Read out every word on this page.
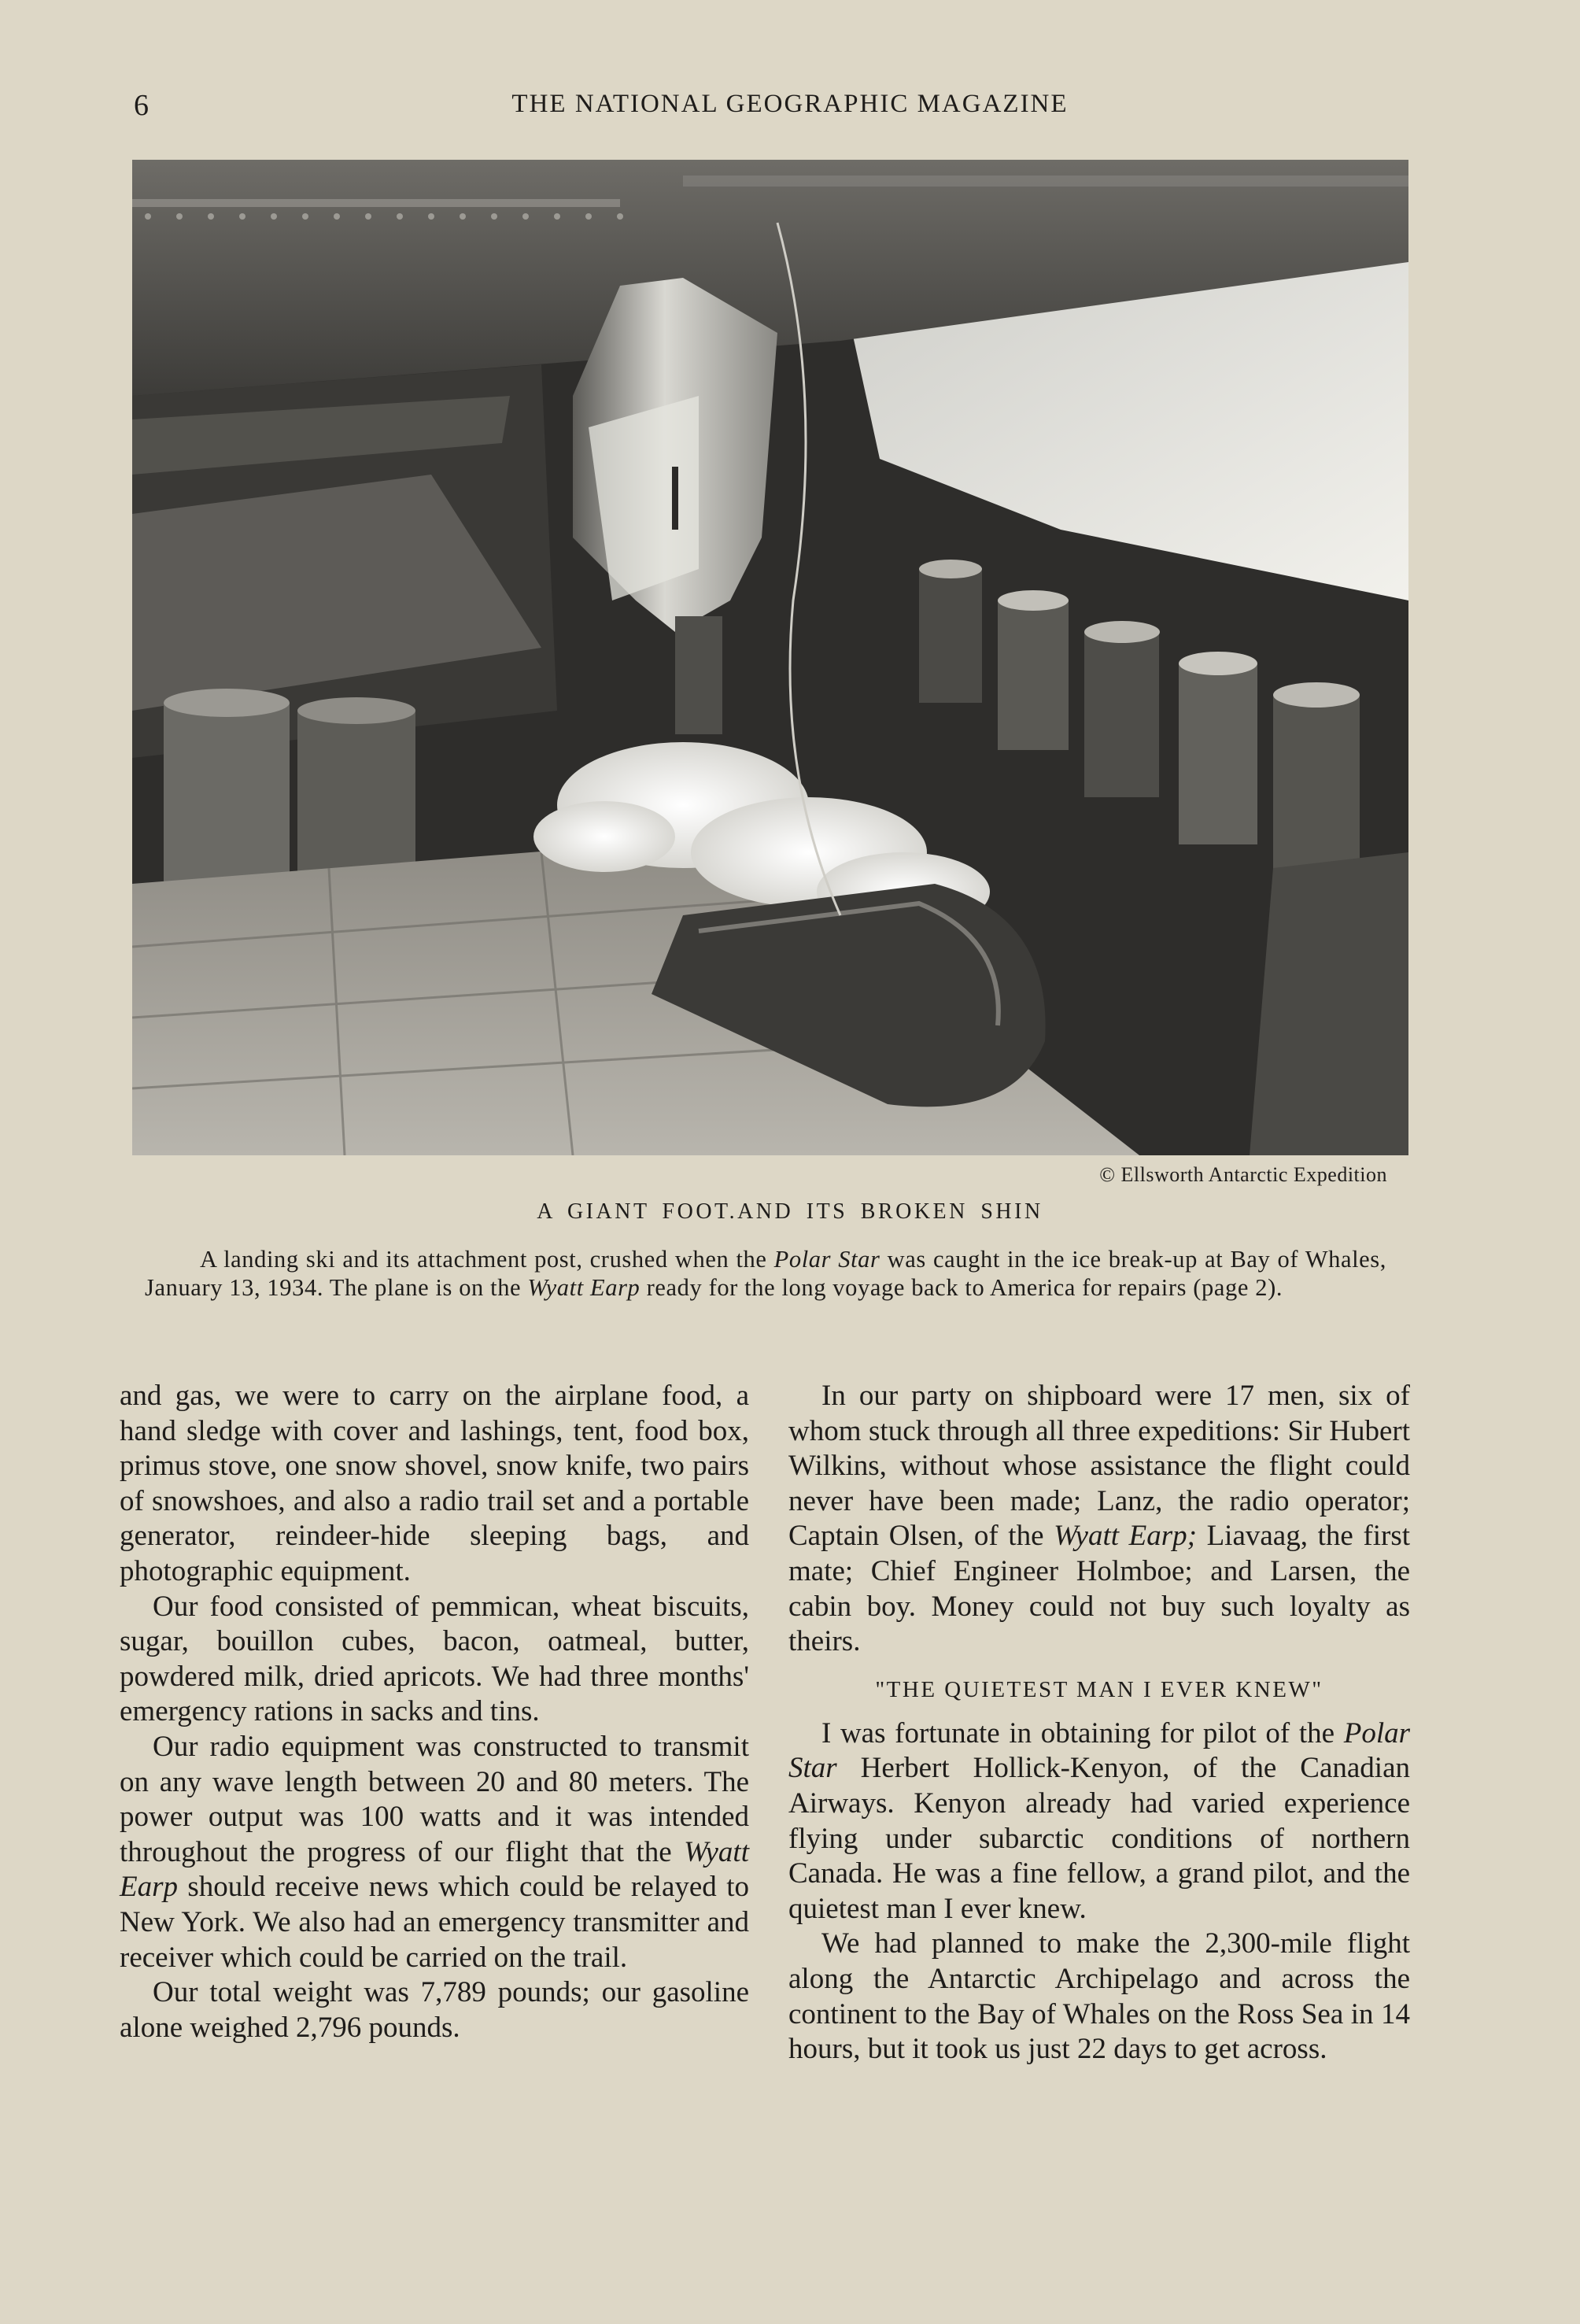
6	THE NATIONAL GEOGRAPHIC MAGAZINE
© Ellsworth Antarctic Expedition
A GIANT FOOT.AND ITS BROKEN SHIN
A landing ski and its attachment post, crushed when the Polar Star was caught in the ice break-up at Bay of Whales, January 13, 1934. The plane is on the Wyatt Earp ready for the long voyage back to America for repairs (page 2).

and gas, we were to carry on the airplane food, a hand sledge with cover and lashings, tent, food box, primus stove, one snow shovel, snow knife, two pairs of snowshoes, and also a radio trail set and a portable generator, reindeer-hide sleeping bags, and photographic equipment.

Our food consisted of pemmican, wheat biscuits, sugar, bouillon cubes, bacon, oatmeal, butter, powdered milk, dried apricots. We had three months' emergency rations in sacks and tins.

Our radio equipment was constructed to transmit on any wave length between 20 and 80 meters. The power output was 100 watts and it was intended throughout the progress of our flight that the Wyatt Earp should receive news which could be relayed to New York. We also had an emergency transmitter and receiver which could be carried on the trail.

Our total weight was 7,789 pounds; our gasoline alone weighed 2,796 pounds.

In our party on shipboard were 17 men, six of whom stuck through all three expeditions: Sir Hubert Wilkins, without whose assistance the flight could never have been made; Lanz, the radio operator; Captain Olsen, of the Wyatt Earp; Liavaag, the first mate; Chief Engineer Holmboe; and Larsen, the cabin boy. Money could not buy such loyalty as theirs.

"THE QUIETEST MAN I EVER KNEW"

I was fortunate in obtaining for pilot of the Polar Star Herbert Hollick-Kenyon, of the Canadian Airways. Kenyon already had varied experience flying under subarctic conditions of northern Canada. He was a fine fellow, a grand pilot, and the quietest man I ever knew.

We had planned to make the 2,300-mile flight along the Antarctic Archipelago and across the continent to the Bay of Whales on the Ross Sea in 14 hours, but it took us just 22 days to get across.
